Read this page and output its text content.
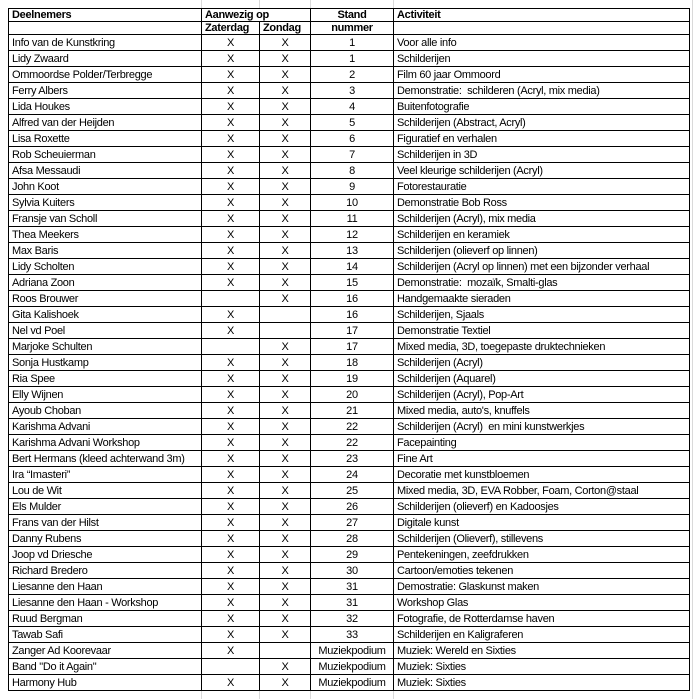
Deelnemers	Aanwezig op		Stand	Activiteit
	Zaterdag	Zondag	nummer	
Info van de Kunstkring	X	X	1	Voor alle info
Lidy Zwaard	X	X	1	Schilderijen
Ommoordse Polder/Terbregge	X	X	2	Film 60 jaar Ommoord
Ferry Albers	X	X	3	Demonstratie:  schilderen (Acryl, mix media)
Lida Houkes	X	X	4	Buitenfotografie
Alfred van der Heijden	X	X	5	Schilderijen (Abstract, Acryl)
Lisa Roxette	X	X	6	Figuratief en verhalen
Rob Scheuierman	X	X	7	Schilderijen in 3D
Afsa Messaudi	X	X	8	Veel kleurige schilderijen (Acryl)
John Koot	X	X	9	Fotorestauratie
Sylvia Kuiters	X	X	10	Demonstratie Bob Ross
Fransje van Scholl	X	X	11	Schilderijen (Acryl), mix media
Thea Meekers	X	X	12	Schilderijen en keramiek
Max Baris	X	X	13	Schilderijen (olieverf op linnen)
Lidy Scholten	X	X	14	Schilderijen (Acryl op linnen) met een bijzonder verhaal
Adriana Zoon	X	X	15	Demonstratie:  mozaïk, Smalti-glas
Roos Brouwer		X	16	Handgemaakte sieraden
Gita Kalishoek	X		16	Schilderijen, Sjaals
Nel vd Poel	X		17	Demonstratie Textiel
Marjoke Schulten		X	17	Mixed media, 3D, toegepaste druktechnieken
Sonja Hustkamp	X	X	18	Schilderijen (Acryl)
Ria Spee	X	X	19	Schilderijen (Aquarel)
Elly Wijnen	X	X	20	Schilderijen (Acryl), Pop-Art
Ayoub Choban	X	X	21	Mixed media, auto's, knuffels
Karishma Advani	X	X	22	Schilderijen (Acryl)  en mini kunstwerkjes
Karishma Advani Workshop	X	X	22	Facepainting
Bert Hermans (kleed achterwand 3m)	X	X	23	Fine Art
Ira “Imasteri”	X	X	24	Decoratie met kunstbloemen
Lou de Wit	X	X	25	Mixed media, 3D, EVA Robber, Foam, Corton@staal
Els Mulder	X	X	26	Schilderijen (olieverf) en Kadoosjes
Frans van der Hilst	X	X	27	Digitale kunst
Danny Rubens	X	X	28	Schilderijen (Olieverf), stillevens
Joop vd Driesche	X	X	29	Pentekeningen, zeefdrukken
Richard Bredero	X	X	30	Cartoon/emoties tekenen
Liesanne den Haan	X	X	31	Demostratie: Glaskunst maken
Liesanne den Haan - Workshop	X	X	31	Workshop Glas
Ruud Bergman	X	X	32	Fotografie, de Rotterdamse haven
Tawab Safi	X	X	33	Schilderijen en Kaligraferen
Zanger Ad Koorevaar	X		Muziekpodium	Muziek: Wereld en Sixties
Band "Do it Again"		X	Muziekpodium	Muziek: Sixties
Harmony Hub	X	X	Muziekpodium	Muziek: Sixties
